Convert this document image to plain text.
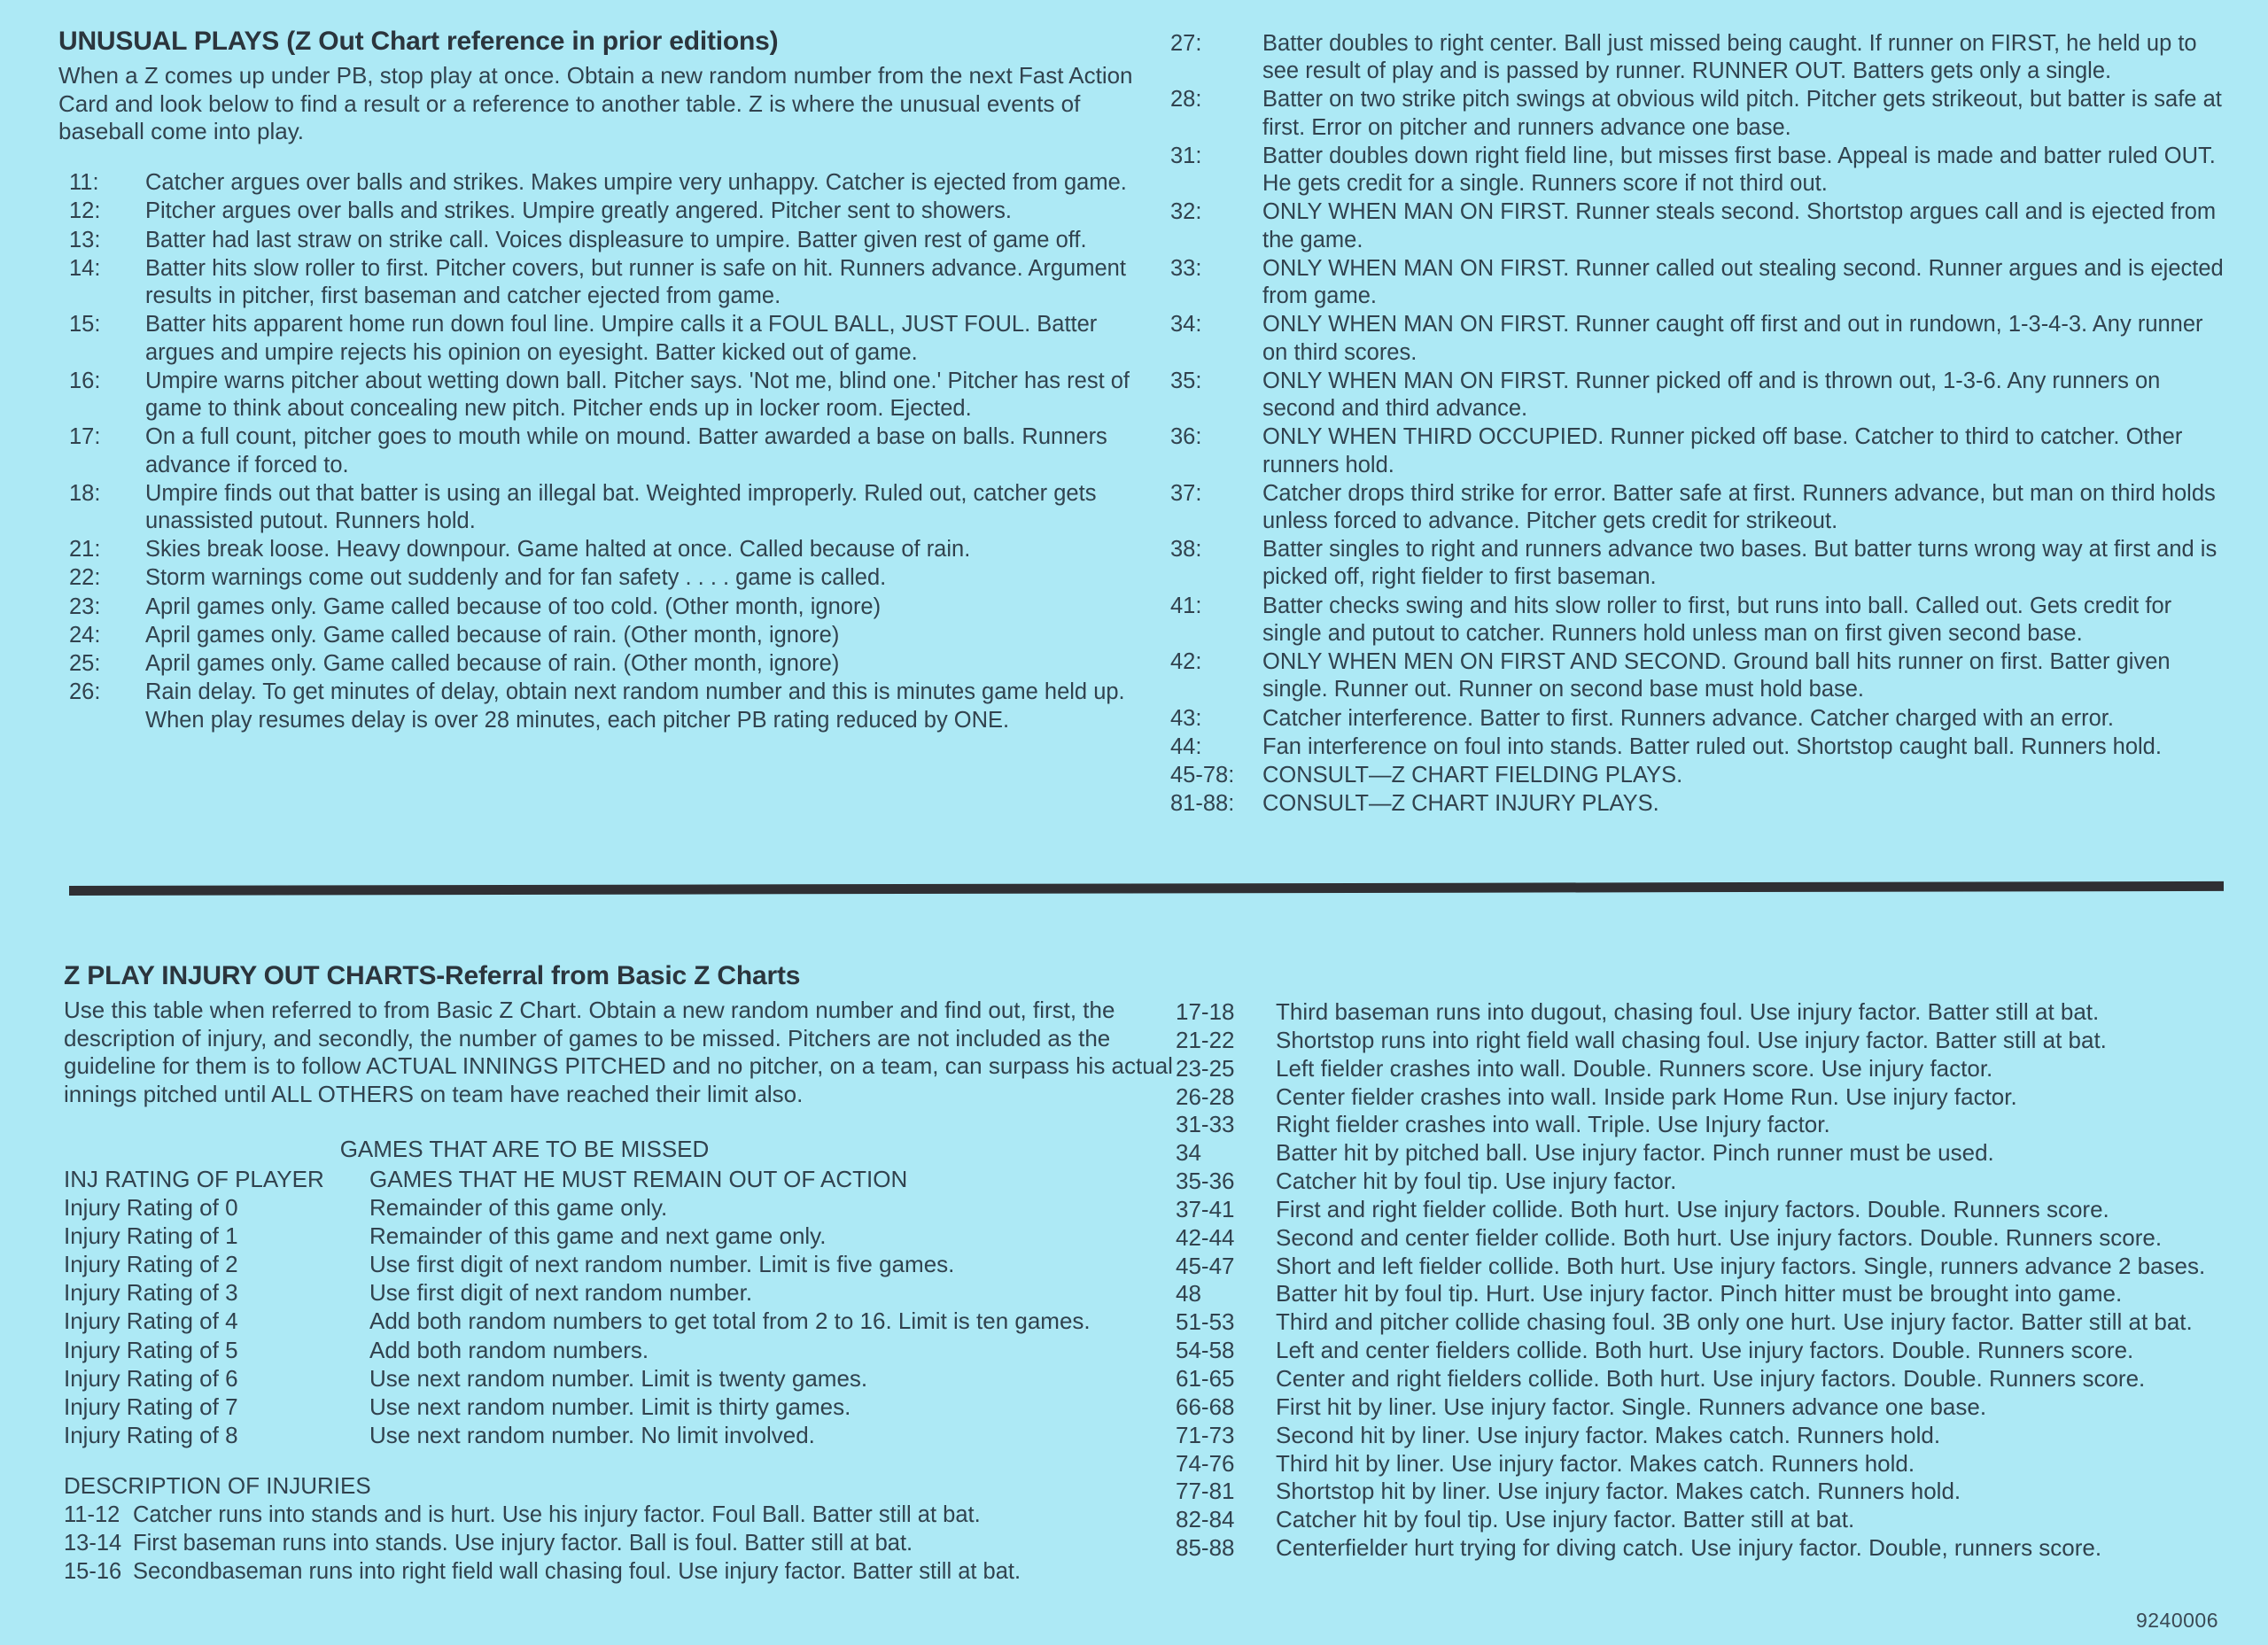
UNUSUAL PLAYS (Z Out Chart reference in prior editions)

When a Z comes up under PB, stop play at once. Obtain a new random number from the next Fast Action Card and look below to find a result or a reference to another table. Z is where the unusual events of baseball come into play.

11:	Catcher argues over balls and strikes. Makes umpire very unhappy. Catcher is ejected from game.
12:	Pitcher argues over balls and strikes. Umpire greatly angered. Pitcher sent to showers.
13:	Batter had last straw on strike call. Voices displeasure to umpire. Batter given rest of game off.
14:	Batter hits slow roller to first. Pitcher covers, but runner is safe on hit. Runners advance. Argument results in pitcher, first baseman and catcher ejected from game.
15:	Batter hits apparent home run down foul line. Umpire calls it a FOUL BALL, JUST FOUL. Batter argues and umpire rejects his opinion on eyesight. Batter kicked out of game.
16:	Umpire warns pitcher about wetting down ball. Pitcher says. 'Not me, blind one.' Pitcher has rest of game to think about concealing new pitch. Pitcher ends up in locker room. Ejected.
17:	On a full count, pitcher goes to mouth while on mound. Batter awarded a base on balls. Runners advance if forced to.
18:	Umpire finds out that batter is using an illegal bat. Weighted improperly. Ruled out, catcher gets unassisted putout. Runners hold.
21:	Skies break loose. Heavy downpour. Game halted at once. Called because of rain.
22:	Storm warnings come out suddenly and for fan safety . . . . game is called.
23:	April games only. Game called because of too cold. (Other month, ignore)
24:	April games only. Game called because of rain. (Other month, ignore)
25:	April games only. Game called because of rain. (Other month, ignore)
26:	Rain delay. To get minutes of delay, obtain next random number and this is minutes game held up. When play resumes delay is over 28 minutes, each pitcher PB rating reduced by ONE.
27:	Batter doubles to right center. Ball just missed being caught. If runner on FIRST, he held up to see result of play and is passed by runner. RUNNER OUT. Batters gets only a single.
28:	Batter on two strike pitch swings at obvious wild pitch. Pitcher gets strikeout, but batter is safe at first. Error on pitcher and runners advance one base.
31:	Batter doubles down right field line, but misses first base. Appeal is made and batter ruled OUT. He gets credit for a single. Runners score if not third out.
32:	ONLY WHEN MAN ON FIRST. Runner steals second. Shortstop argues call and is ejected from the game.
33:	ONLY WHEN MAN ON FIRST. Runner called out stealing second. Runner argues and is ejected from game.
34:	ONLY WHEN MAN ON FIRST. Runner caught off first and out in rundown, 1-3-4-3. Any runner on third scores.
35:	ONLY WHEN MAN ON FIRST. Runner picked off and is thrown out, 1-3-6. Any runners on second and third advance.
36:	ONLY WHEN THIRD OCCUPIED. Runner picked off base. Catcher to third to catcher. Other runners hold.
37:	Catcher drops third strike for error. Batter safe at first. Runners advance, but man on third holds unless forced to advance. Pitcher gets credit for strikeout.
38:	Batter singles to right and runners advance two bases. But batter turns wrong way at first and is picked off, right fielder to first baseman.
41:	Batter checks swing and hits slow roller to first, but runs into ball. Called out. Gets credit for single and putout to catcher. Runners hold unless man on first given second base.
42:	ONLY WHEN MEN ON FIRST AND SECOND. Ground ball hits runner on first. Batter given single. Runner out. Runner on second base must hold base.
43:	Catcher interference. Batter to first. Runners advance. Catcher charged with an error.
44:	Fan interference on foul into stands. Batter ruled out. Shortstop caught ball. Runners hold.
45-78:	CONSULT—Z CHART FIELDING PLAYS.
81-88:	CONSULT—Z CHART INJURY PLAYS.
Z PLAY INJURY OUT CHARTS-Referral from Basic Z Charts

Use this table when referred to from Basic Z Chart. Obtain a new random number and find out, first, the description of injury, and secondly, the number of games to be missed. Pitchers are not included as the guideline for them is to follow ACTUAL INNINGS PITCHED and no pitcher, on a team, can surpass his actual innings pitched until ALL OTHERS on team have reached their limit also.

GAMES THAT ARE TO BE MISSED
INJ RATING OF PLAYER	GAMES THAT HE MUST REMAIN OUT OF ACTION
Injury Rating of 0	Remainder of this game only.
Injury Rating of 1	Remainder of this game and next game only.
Injury Rating of 2	Use first digit of next random number. Limit is five games.
Injury Rating of 3	Use first digit of next random number.
Injury Rating of 4	Add both random numbers to get total from 2 to 16. Limit is ten games.
Injury Rating of 5	Add both random numbers.
Injury Rating of 6	Use next random number. Limit is twenty games.
Injury Rating of 7	Use next random number. Limit is thirty games.
Injury Rating of 8	Use next random number. No limit involved.
DESCRIPTION OF INJURIES
11-12 Catcher runs into stands and is hurt. Use his injury factor. Foul Ball. Batter still at bat.
13-14 First baseman runs into stands. Use injury factor. Ball is foul. Batter still at bat.
15-16 Secondbaseman runs into right field wall chasing foul. Use injury factor. Batter still at bat.
17-18	Third baseman runs into dugout, chasing foul. Use injury factor. Batter still at bat.
21-22	Shortstop runs into right field wall chasing foul. Use injury factor. Batter still at bat.
23-25	Left fielder crashes into wall. Double. Runners score. Use injury factor.
26-28	Center fielder crashes into wall. Inside park Home Run. Use injury factor.
31-33	Right fielder crashes into wall. Triple. Use Injury factor.
34	Batter hit by pitched ball. Use injury factor. Pinch runner must be used.
35-36	Catcher hit by foul tip. Use injury factor.
37-41	First and right fielder collide. Both hurt. Use injury factors. Double. Runners score.
42-44	Second and center fielder collide. Both hurt. Use injury factors. Double. Runners score.
45-47	Short and left fielder collide. Both hurt. Use injury factors. Single, runners advance 2 bases.
48	Batter hit by foul tip. Hurt. Use injury factor. Pinch hitter must be brought into game.
51-53	Third and pitcher collide chasing foul. 3B only one hurt. Use injury factor. Batter still at bat.
54-58	Left and center fielders collide. Both hurt. Use injury factors. Double. Runners score.
61-65	Center and right fielders collide. Both hurt. Use injury factors. Double. Runners score.
66-68	First hit by liner. Use injury factor. Single. Runners advance one base.
71-73	Second hit by liner. Use injury factor. Makes catch. Runners hold.
74-76	Third hit by liner. Use injury factor. Makes catch. Runners hold.
77-81	Shortstop hit by liner. Use injury factor. Makes catch. Runners hold.
82-84	Catcher hit by foul tip. Use injury factor. Batter still at bat.
85-88	Centerfielder hurt trying for diving catch. Use injury factor. Double, runners score.
9240006
